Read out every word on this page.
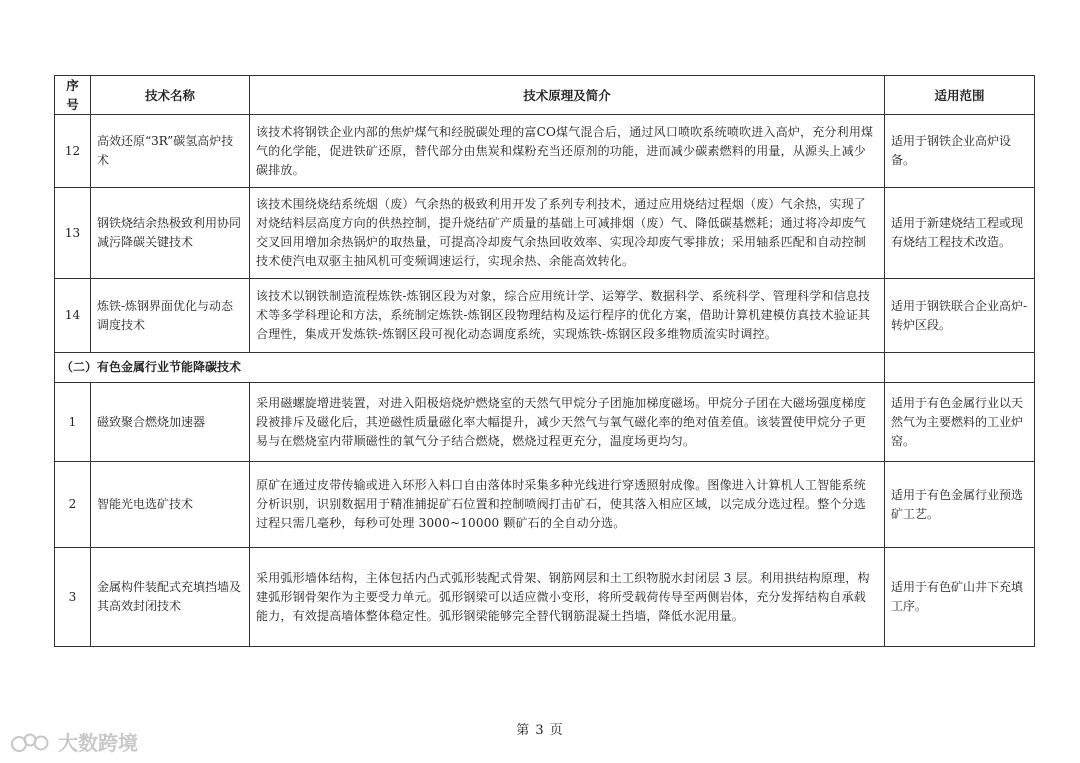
序号	技术名称	技术原理及简介	适用范围
12	高效还原“3R”碳氢高炉技术	该技术将钢铁企业内部的焦炉煤气和经脱碳处理的富CO煤气混合后，通过风口喷吹系统喷吹进入高炉，充分利用煤气的化学能，促进铁矿还原，替代部分由焦炭和煤粉充当还原剂的功能，进而减少碳素燃料的用量，从源头上减少碳排放。	适用于钢铁企业高炉设备。
13	钢铁烧结余热极致利用协同减污降碳关键技术	该技术围绕烧结系统烟（废）气余热的极致利用开发了系列专利技术，通过应用烧结过程烟（废）气余热，实现了对烧结料层高度方向的供热控制，提升烧结矿产质量的基础上可减排烟（废）气、降低碳基燃耗；通过将冷却废气交叉回用增加余热锅炉的取热量，可提高冷却废气余热回收效率、实现冷却废气零排放；采用轴系匹配和自动控制技术使汽电双驱主抽风机可变频调速运行，实现余热、余能高效转化。	适用于新建烧结工程或现有烧结工程技术改造。
14	炼铁-炼钢界面优化与动态调度技术	该技术以钢铁制造流程炼铁-炼钢区段为对象，综合应用统计学、运筹学、数据科学、系统科学、管理科学和信息技术等多学科理论和方法，系统制定炼铁-炼钢区段物理结构及运行程序的优化方案，借助计算机建模仿真技术验证其合理性，集成开发炼铁-炼钢区段可视化动态调度系统，实现炼铁-炼钢区段多维物质流实时调控。	适用于钢铁联合企业高炉-转炉区段。
（二）有色金属行业节能降碳技术			
1	磁致聚合燃烧加速器	采用磁螺旋增进装置，对进入阳极焙烧炉燃烧室的天然气甲烷分子团施加梯度磁场。甲烷分子团在大磁场强度梯度段被排斥及磁化后，其逆磁性质量磁化率大幅提升，减少天然气与氧气磁化率的绝对值差值。该装置使甲烷分子更易与在燃烧室内带顺磁性的氧气分子结合燃烧，燃烧过程更充分，温度场更均匀。	适用于有色金属行业以天然气为主要燃料的工业炉窑。
2	智能光电选矿技术	原矿在通过皮带传输或进入环形入料口自由落体时采集多种光线进行穿透照射成像。图像进入计算机人工智能系统分析识别，识别数据用于精准捕捉矿石位置和控制喷阀打击矿石，使其落入相应区域，以完成分选过程。整个分选过程只需几毫秒，每秒可处理 3000~10000 颗矿石的全自动分选。	适用于有色金属行业预选矿工艺。
3	金属构件装配式充填挡墙及其高效封闭技术	采用弧形墙体结构，主体包括内凸式弧形装配式骨架、钢筋网层和土工织物脱水封闭层 3 层。利用拱结构原理，构建弧形钢骨架作为主要受力单元。弧形钢梁可以适应微小变形，将所受载荷传导至两侧岩体，充分发挥结构自承载能力，有效提高墙体整体稳定性。弧形钢梁能够完全替代钢筋混凝土挡墙，降低水泥用量。	适用于有色矿山井下充填工序。
第 3 页
大数跨境
